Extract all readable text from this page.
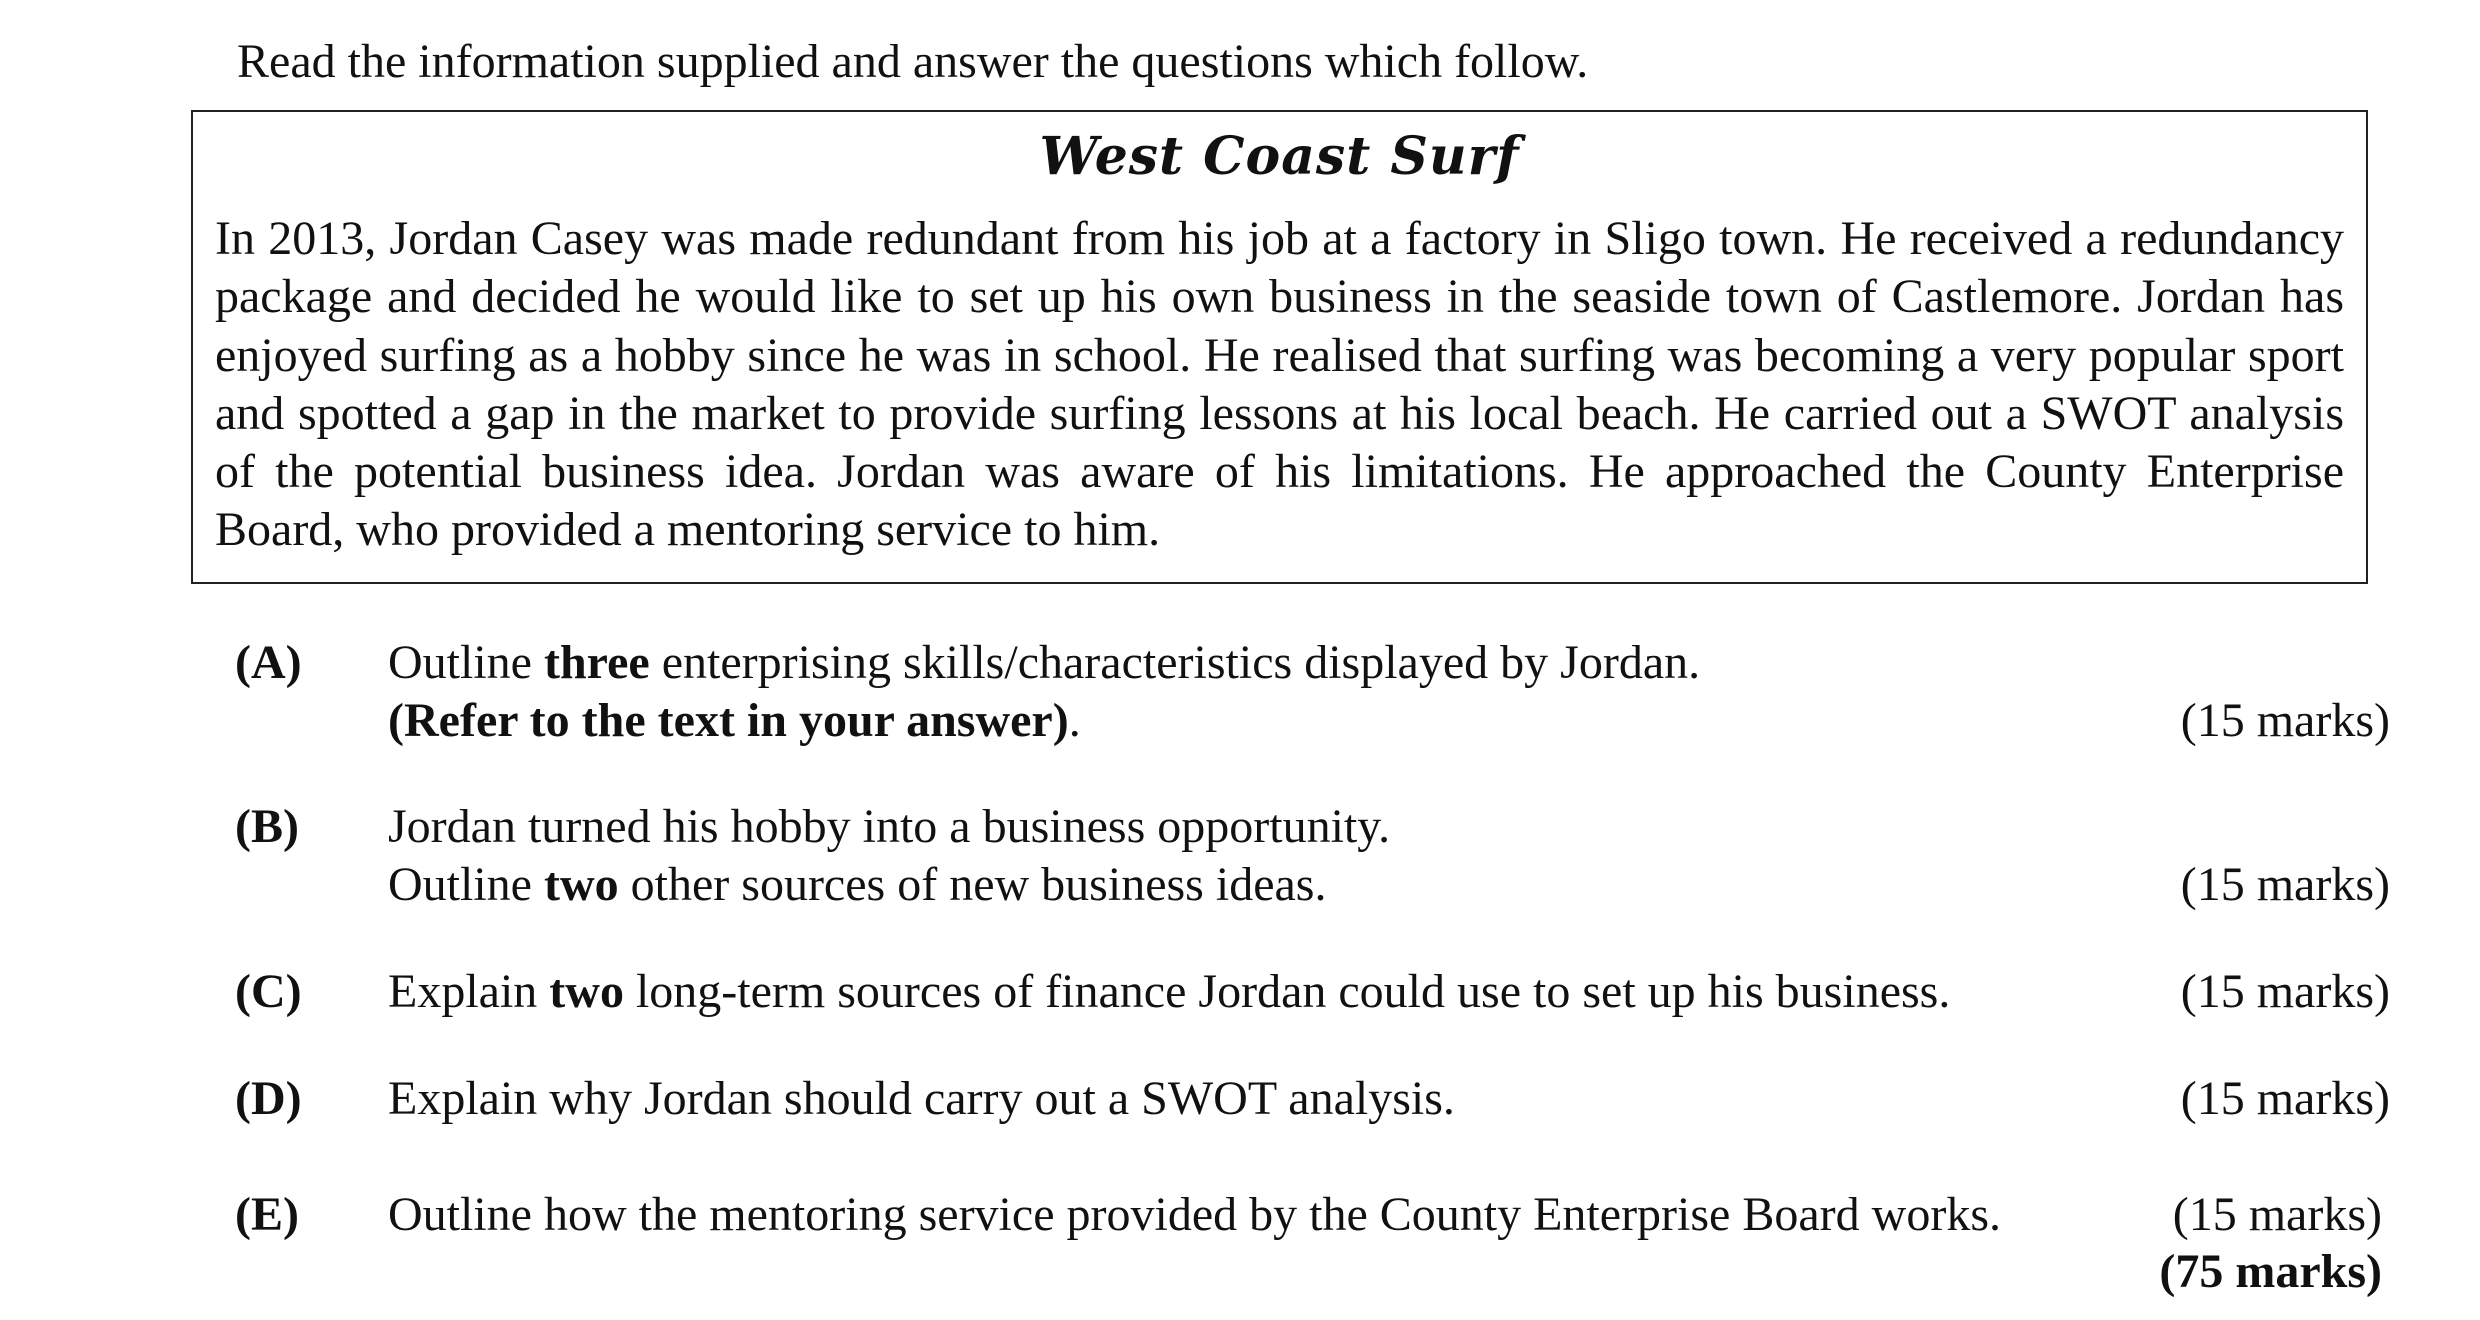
Read the information supplied and answer the questions which follow.
West Coast Surf
In 2013, Jordan Casey was made redundant from his job at a factory in Sligo town. He received a redundancy package and decided he would like to set up his own business in the seaside town of Castlemore. Jordan has enjoyed surfing as a hobby since he was in school. He realised that surfing was becoming a very popular sport and spotted a gap in the market to provide surfing lessons at his local beach. He carried out a SWOT analysis of the potential business idea. Jordan was aware of his limitations. He approached the County Enterprise Board, who provided a mentoring service to him.
(A) Outline three enterprising skills/characteristics displayed by Jordan.
(Refer to the text in your answer).	(15 marks)
(B) Jordan turned his hobby into a business opportunity.
Outline two other sources of new business ideas.	(15 marks)
(C) Explain two long-term sources of finance Jordan could use to set up his business.	(15 marks)
(D) Explain why Jordan should carry out a SWOT analysis.	(15 marks)
(E) Outline how the mentoring service provided by the County Enterprise Board works.	(15 marks)
(75 marks)
